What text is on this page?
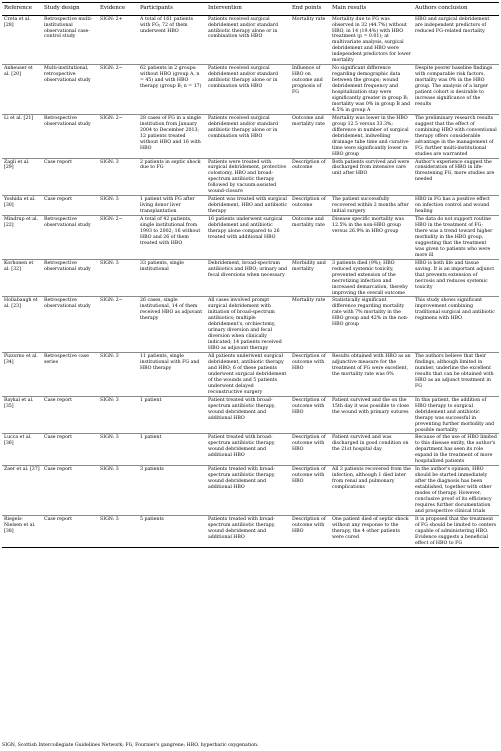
Reference	Study design	Evidence	Participants	Intervention	End points	Main results	Authors conclusion
Creta et al. [28]	Retrospective multi-institutional observational case-control study	SIGN: 2+	A total of 161 patients with FG; 72 of them underwent HBO	Patients received surgical debridement and/or standard antibiotic therapy alone or in combination with HBO	Mortality rate	Mortality due to FG was observed in 32 (44.7%) without HBO, in 14 (19.4%) with HBO treatment (p = 0.01); at multivariate analysis, surgical debridement and HBO were independent predictors for lower mortality	HBO and surgical debridement are independent predictors of reduced FG-related mortality
Anheuser et al. [20]	Multi-institutional, retrospective observational study	SIGN: 2−	62 patients in 2 groups: without HBO (group A, n = 45) and with HBO therapy (group B; n = 17)	Patients received surgical debridement and/or standard antibiotic therapy alone or in combination with HBO	Influence of HBO on outcome and prognosis of FG	No significant difference regarding demographic data between the groups; wound debridement frequency and hospitalization stay were significantly greater in group B; mortality was 0% in group B and 4.5% in group A	Despite poorer baseline findings with comparable risk factors, mortality was 0% in the HBO group. The analysis of a larger patient cohort is desirable to increase significance of the results
Li et al. [21]	Retrospective observational study	SIGN: 2−	28 cases of FG in a single institution from January 2004 to December 2013; 12 patients treated without HBO and 16 with HBO	Patients received surgical debridement and/or standard antibiotic therapy alone or in combination with HBO	Outcome and mortality rate	Mortality was lower in the HBO group 12.5 versus 33.3%; difference in number of surgical debridement, indwelling drainage tube time and curative time were significantly lower in HBO group	The preliminary research results suggest that the effect of combining HBO with conventional therapy offers considerable advantage in the management of FG; further multi-institutional studies are warranted
Zagli et al. [29]	Case report	SIGN: 3	2 patients in septic shock due to FG	Patients were treated with surgical debridement, protective colostomy, HBO and broad-spectrum antibiotic therapy followed by vacuum-assisted wound-closure	Description of outcome	Both patients survived and were discharged from intensive care unit after HBO	Author's experience suggest the consideration of HBO in life-threatening FG, more studies are needed
Yoshida et al. [30]	Case report	SIGN: 3	1 patient with FG after living donor liver transplantation	Patient was treated with surgical debridement, HBO and antibiotic therapy	Description of outcome	The patient successfully recovered within 2 months after initial surgery	HBO in FG has a positive effect on infection control and wound healing
Mindrup et al. [22]	Retrospective observational study	SIGN: 2−	A total of 42 patients, single institutional from 1993 to 2002; 16 without HBO and 26 of them treated with HBO	16 patients underwent surgical debridement and antibiotic therapy alone compared to 26 treated with additional HBO	Outcome and mortality rate	Disease specific mortality was 12.5% in the non-HBO group versus 26.9% in HBO group	The data do not support routine HBO in the treatment of FG; there was a trend toward higher morbidity in the HBO group, suggesting that the treatment was given to patients who were more ill
Korhonen et al. [32]	Retrospective observational study	SIGN: 3	33 patients, single institutional	Debridement, broad-spectrum antibiotics and HBO; urinary and fecal diversions when necessary	Morbidity and mortality	3 patients died (9%); HBO reduced systemic toxicity, prevented extension of the necrotizing infection and increased demarcation, thereby improving the overall outcome	HBO is both life and tissue saving. It is an important adjunct that prevents extension of necrosis and reduces systemic toxicity
Hollabaugh et al. [23]	Retrospective observational study	SIGN: 2−	26 cases, single institutional, 14 of them received HBO as adjuvant therapy	All cases involved prompt surgical debridement with initiation of broad-spectrum antibiotics; multiple debridement's, orchiectomy, urinary diversion and fecal diversion when clinically indicated; 14 patients received HBO as adjuvant therapy	Mortality rate	Statistically significant difference regarding mortality rate with 7% mortality in the HBO group and 42% in the non-HBO group	This study shows significant improvement combining traditional surgical and antibiotic regimens with HBO
Pizzorno et al. [34]	Retrospective case series	SIGN: 3	11 patients, single institutional with FG and HBO therapy	All patients underwent surgical debridement, antibiotic therapy and HBO; 6 of these patients underwent surgical debridement of the wounds and 5 patients underwent delayed reconstructive surgery	Description of outcome with HBO	Results obtained with HBO as an adjunctive measure for the treatment of FG were excellent, the mortality rate was 0%	The authors believe that their findings, although limited in number, underline the excellent results that can be obtained with HBO as an adjunct treatment in FG
Baykal et al. [35]	Case report	SIGN: 3	1 patient	Patient treated with broad-spectrum antibiotic therapy, wound debridement and additional HBO	Description of outcome with HBO	Patient survived and the on the 15th day it was possible to close the wound with primary sutures	In this patient, the addition of HBO therapy to surgical debridement and antibiotic therapy was successful in preventing further morbidity and possible mortality
Lucca et al. [36]	Case report	SIGN: 3	1 patient	Patient treated with broad-spectrum antibiotic therapy, wound debridement and additional HBO	Description of outcome with HBO	Patient survived and was discharged in good condition on the 21st hospital day	Because of the use of HBO limited to this disease entity, the author's department has seen its role expand in the treatment of more hospitalized patients
Zaer et al. [37]	Case report	SIGN: 3	3 patients	Patients treated with broad-spectrum antibiotic therapy, wound debridement and additional HBO	Description of outcome with HBO	All 3 patients recovered from the infection, although 1 died later from renal and pulmonary complications	In the author's opinion, HBO should be started immediately after the diagnosis has been established, together with other modes of therapy. However, conclusive proof of its efficiency requires further documentation and prospective clinical trials
Riegels-Nielsen et al. [38]	Case report	SIGN: 3	5 patients	Patients treated with broad-spectrum antibiotic therapy, wound debridement and additional HBO	Description of outcome with HBO	One patient died of septic shock without any response to the therapy, the 4 other patients were cured	It is proposed that the treatment of FG should be limited to centers capable of administering HBO. Evidence suggests a beneficial effect of HBO to FG
SIGN, Scottish Intercollegiate Guidelines Network; FG, Fournier's gangrene; HBO, hyperbaric oxygenation.
